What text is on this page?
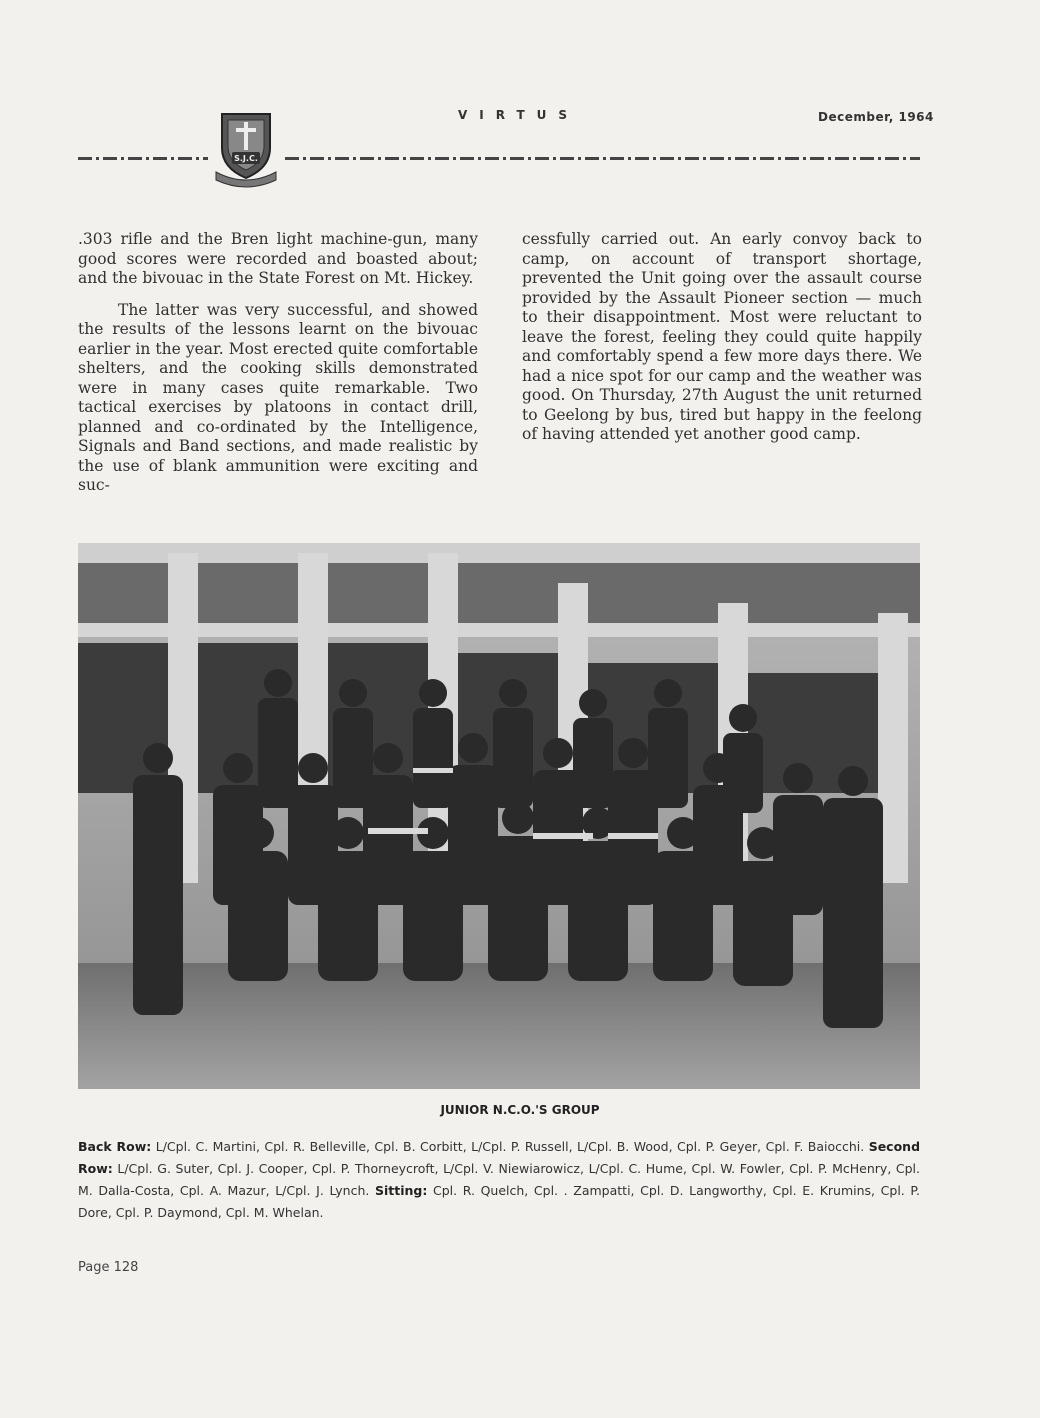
S.J.C.
VIRTUS	December, 1964

.303 rifle and the Bren light machine-gun, many good scores were recorded and boasted about; and the bivouac in the State Forest on Mt. Hickey.

The latter was very successful, and showed the results of the lessons learnt on the bivouac earlier in the year. Most erected quite comfortable shelters, and the cooking skills demonstrated were in many cases quite remarkable. Two tactical exercises by platoons in contact drill, planned and co-ordinated by the Intelligence, Signals and Band sections, and made realistic by the use of blank ammunition were exciting and suc-

cessfully carried out. An early convoy back to camp, on account of transport shortage, prevented the Unit going over the assault course provided by the Assault Pioneer section — much to their disappointment. Most were reluctant to leave the forest, feeling they could quite happily and comfortably spend a few more days there. We had a nice spot for our camp and the weather was good. On Thursday, 27th August the unit returned to Geelong by bus, tired but happy in the feelong of having attended yet another good camp.

JUNIOR N.C.O.'S GROUP
Back Row: L/Cpl. C. Martini, Cpl. R. Belleville, Cpl. B. Corbitt, L/Cpl. P. Russell, L/Cpl. B. Wood, Cpl. P. Geyer, Cpl. F. Baiocchi. Second Row: L/Cpl. G. Suter, Cpl. J. Cooper, Cpl. P. Thorneycroft, L/Cpl. V. Niewiarowicz, L/Cpl. C. Hume, Cpl. W. Fowler, Cpl. P. McHenry, Cpl. M. Dalla-Costa, Cpl. A. Mazur, L/Cpl. J. Lynch. Sitting: Cpl. R. Quelch, Cpl. . Zampatti, Cpl. D. Langworthy, Cpl. E. Krumins, Cpl. P. Dore, Cpl. P. Daymond, Cpl. M. Whelan.
Page 128
